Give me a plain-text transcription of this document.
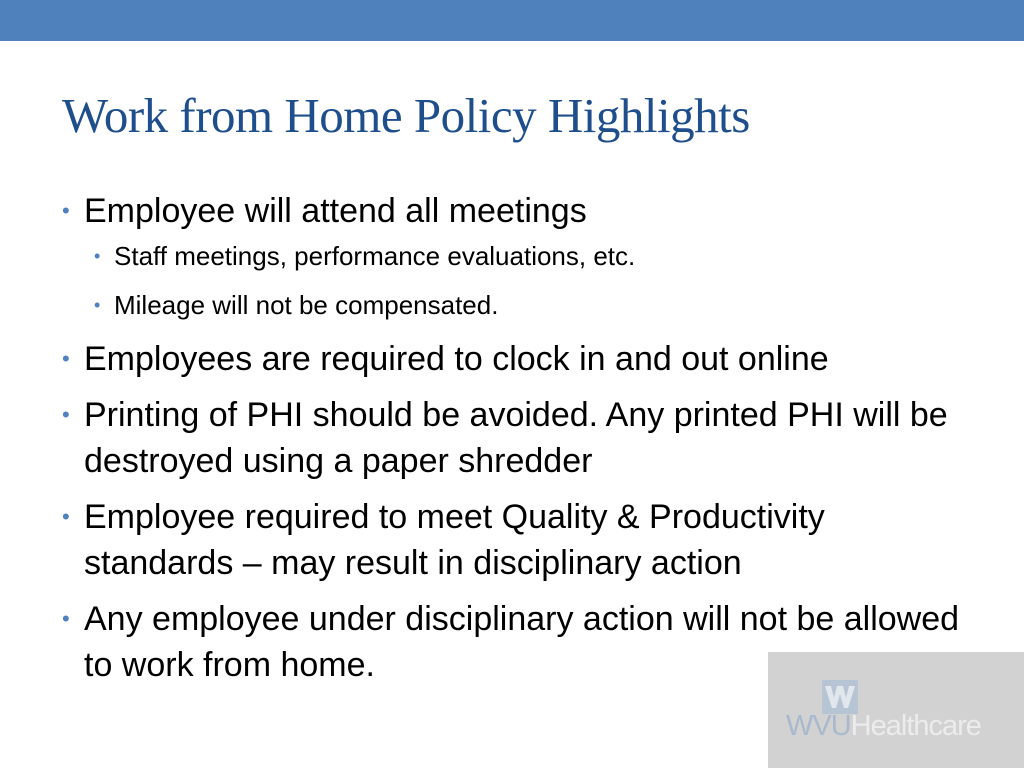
Work from Home Policy Highlights
• Employee will attend all meetings
• Staff meetings, performance evaluations, etc.
• Mileage will not be compensated.
• Employees are required to clock in and out online
• Printing of PHI should be avoided. Any printed PHI will be destroyed using a paper shredder
• Employee required to meet Quality & Productivity standards – may result in disciplinary action
• Any employee under disciplinary action will not be allowed to work from home.
WVUHealthcare
